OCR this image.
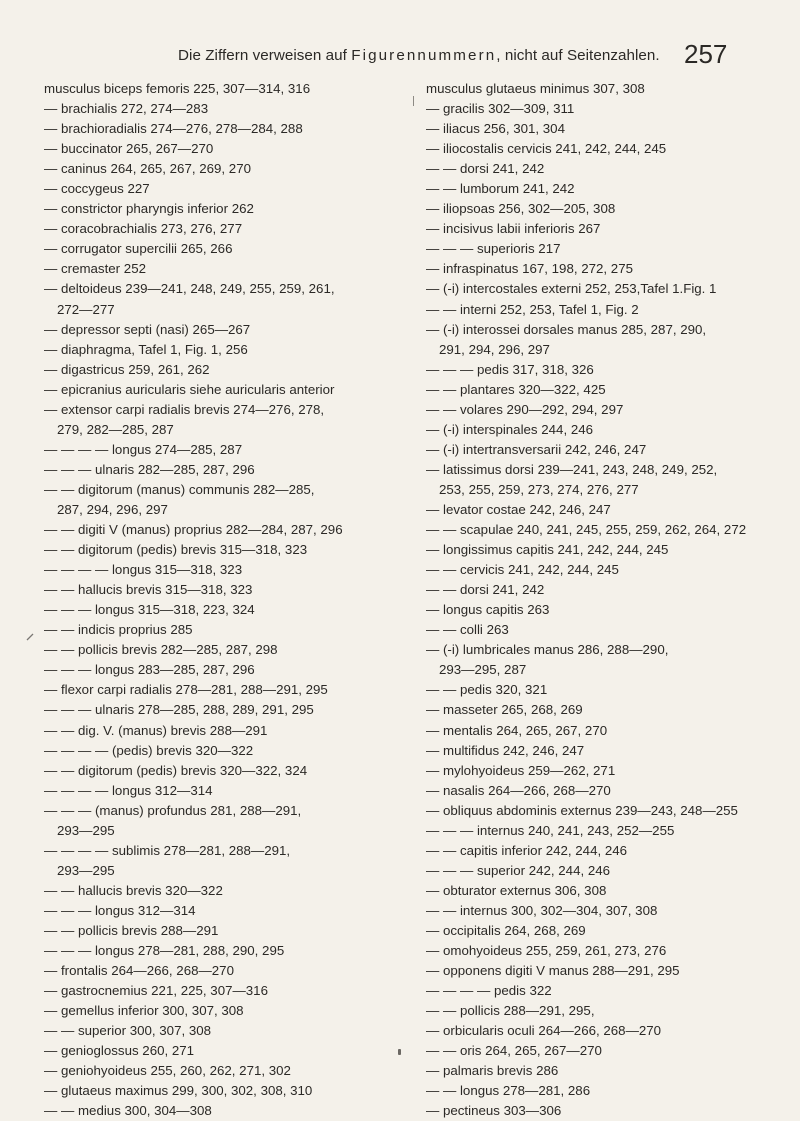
Die Ziffern verweisen auf Figurennummern, nicht auf Seitenzahlen. 257
musculus biceps femoris 225, 307—314, 316
— brachialis 272, 274—283
— brachioradialis 274—276, 278—284, 288
— buccinator 265, 267—270
— caninus 264, 265, 267, 269, 270
— coccygeus 227
— constrictor pharyngis inferior 262
— coracobrachialis 273, 276, 277
— corrugator supercilii 265, 266
— cremaster 252
— deltoideus 239—241, 248, 249, 255, 259, 261,
272—277
— depressor septi (nasi) 265—267
— diaphragma, Tafel 1, Fig. 1, 256
— digastricus 259, 261, 262
— epicranius auricularis siehe auricularis anterior
— extensor carpi radialis brevis 274—276, 278,
279, 282—285, 287
— — — — longus 274—285, 287
— — — ulnaris 282—285, 287, 296
— — digitorum (manus) communis 282—285,
287, 294, 296, 297
— — digiti V (manus) proprius 282—284, 287, 296
— — digitorum (pedis) brevis 315—318, 323
— — — — longus 315—318, 323
— — hallucis brevis 315—318, 323
— — — longus 315—318, 223, 324
— — indicis proprius 285
— — pollicis brevis 282—285, 287, 298
— — — longus 283—285, 287, 296
— flexor carpi radialis 278—281, 288—291, 295
— — — ulnaris 278—285, 288, 289, 291, 295
— — dig. V. (manus) brevis 288—291
— — — — (pedis) brevis 320—322
— — digitorum (pedis) brevis 320—322, 324
— — — — longus 312—314
— — — (manus) profundus 281, 288—291,
293—295
— — — — sublimis 278—281, 288—291,
293—295
— — hallucis brevis 320—322
— — — longus 312—314
— — pollicis brevis 288—291
— — — longus 278—281, 288, 290, 295
— frontalis 264—266, 268—270
— gastrocnemius 221, 225, 307—316
— gemellus inferior 300, 307, 308
— — superior 300, 307, 308
— genioglossus 260, 271
— geniohyoideus 255, 260, 262, 271, 302
— glutaeus maximus 299, 300, 302, 308, 310
— — medius 300, 304—308
musculus glutaeus minimus 307, 308
— gracilis 302—309, 311
— iliacus 256, 301, 304
— iliocostalis cervicis 241, 242, 244, 245
— — dorsi 241, 242
— — lumborum 241, 242
— iliopsoas 256, 302—205, 308
— incisivus labii inferioris 267
— — — superioris 217
— infraspinatus 167, 198, 272, 275
— (-i) intercostales externi 252, 253,Tafel 1.Fig. 1
— — interni 252, 253, Tafel 1, Fig. 2
— (-i) interossei dorsales manus 285, 287, 290,
291, 294, 296, 297
— — — pedis 317, 318, 326
— — plantares 320—322, 425
— — volares 290—292, 294, 297
— (-i) interspinales 244, 246
— (-i) intertransversarii 242, 246, 247
— latissimus dorsi 239—241, 243, 248, 249, 252,
253, 255, 259, 273, 274, 276, 277
— levator costae 242, 246, 247
— — scapulae 240, 241, 245, 255, 259, 262, 264, 272
— longissimus capitis 241, 242, 244, 245
— — cervicis 241, 242, 244, 245
— — dorsi 241, 242
— longus capitis 263
— — colli 263
— (-i) lumbricales manus 286, 288—290,
293—295, 287
— — pedis 320, 321
— masseter 265, 268, 269
— mentalis 264, 265, 267, 270
— multifidus 242, 246, 247
— mylohyoideus 259—262, 271
— nasalis 264—266, 268—270
— obliquus abdominis externus 239—243, 248—255
— — — internus 240, 241, 243, 252—255
— — capitis inferior 242, 244, 246
— — — superior 242, 244, 246
— obturator externus 306, 308
— — internus 300, 302—304, 307, 308
— occipitalis 264, 268, 269
— omohyoideus 255, 259, 261, 273, 276
— opponens digiti V manus 288—291, 295
— — — — pedis 322
— — pollicis 288—291, 295,
— orbicularis oculi 264—266, 268—270
— — oris 264, 265, 267—270
— palmaris brevis 286
— — longus 278—281, 286
— pectineus 303—306
